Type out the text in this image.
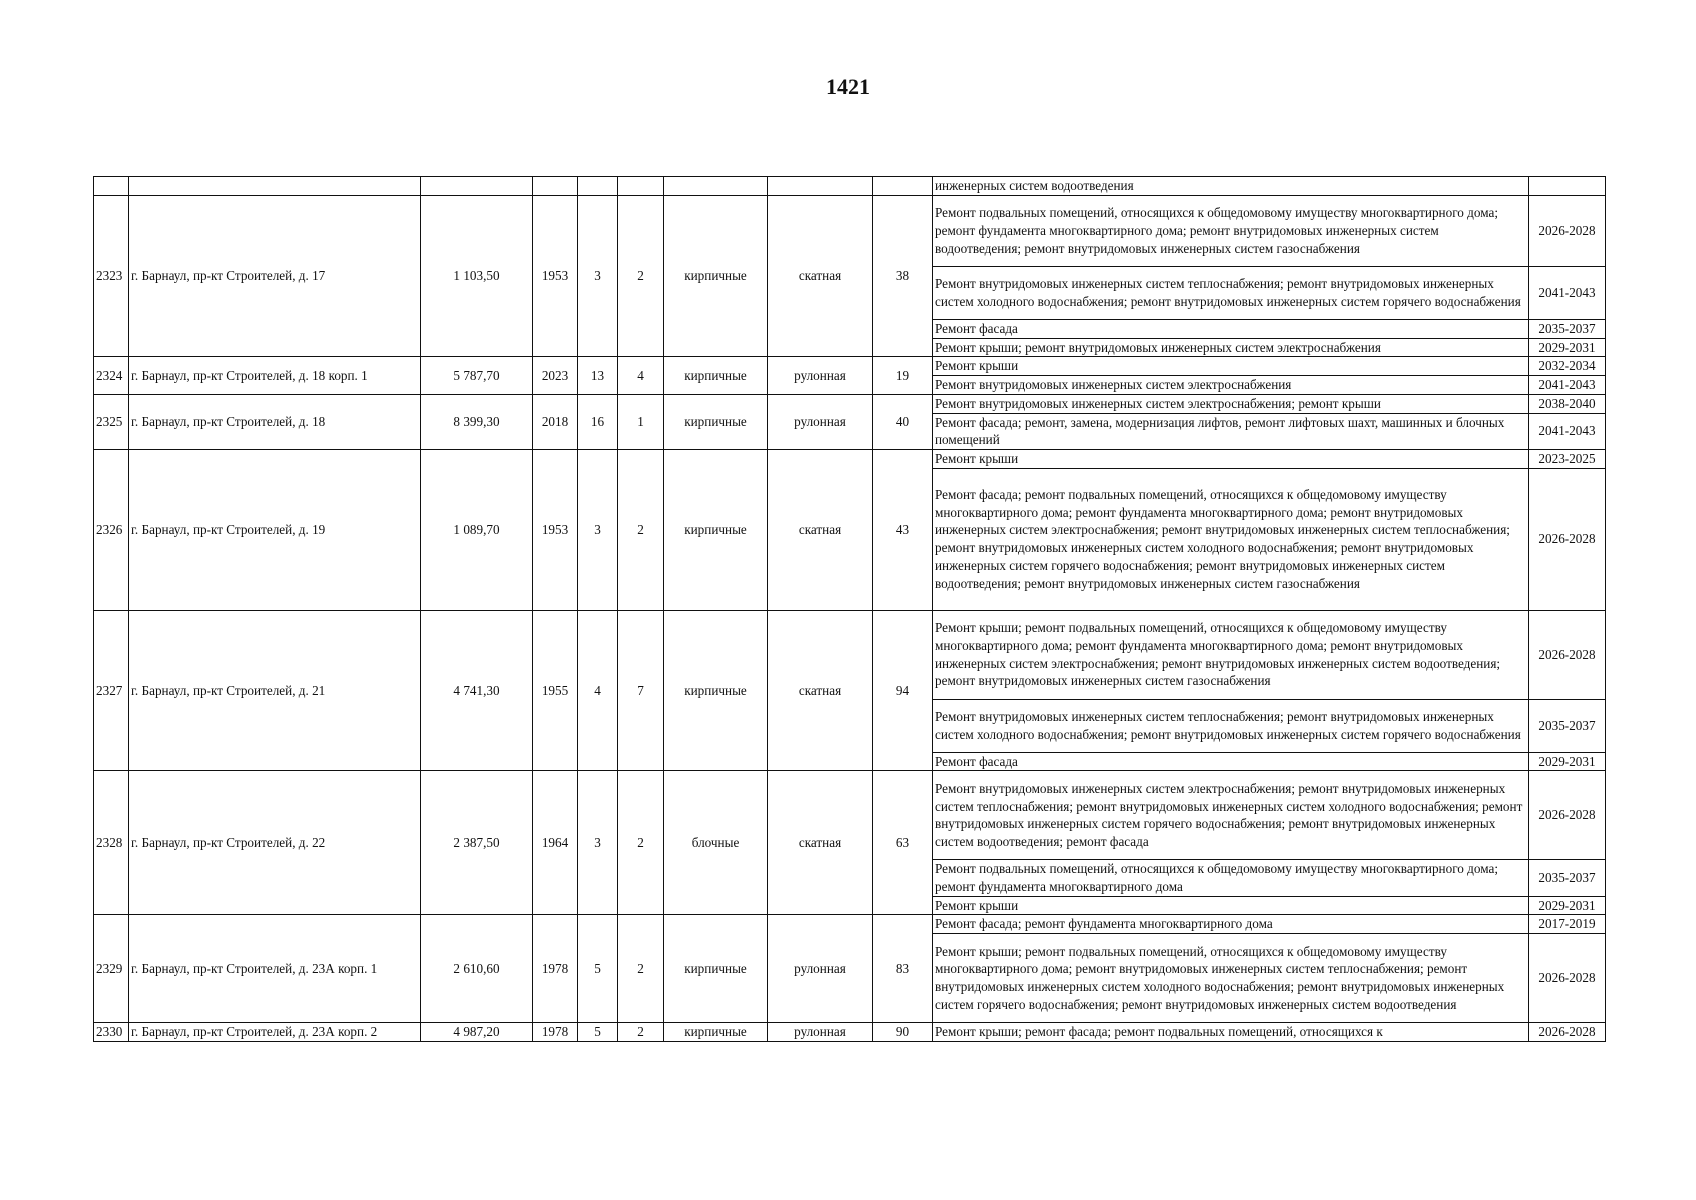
1421
									инженерных систем водоотведения	
2323	г. Барнаул, пр-кт Строителей, д. 17	1 103,50	1953	3	2	кирпичные	скатная	38	Ремонт подвальных помещений, относящихся к общедомовому имуществу многоквартирного дома; ремонт фундамента многоквартирного дома; ремонт внутридомовых инженерных систем водоотведения; ремонт внутридомовых инженерных систем газоснабжения	2026-2028
									Ремонт внутридомовых инженерных систем теплоснабжения; ремонт внутридомовых инженерных систем холодного водоснабжения; ремонт внутридомовых инженерных систем горячего водоснабжения	2041-2043
									Ремонт фасада	2035-2037
									Ремонт крыши; ремонт внутридомовых инженерных систем электроснабжения	2029-2031
2324	г. Барнаул, пр-кт Строителей, д. 18 корп. 1	5 787,70	2023	13	4	кирпичные	рулонная	19	Ремонт крыши	2032-2034
									Ремонт внутридомовых инженерных систем электроснабжения	2041-2043
2325	г. Барнаул, пр-кт Строителей, д. 18	8 399,30	2018	16	1	кирпичные	рулонная	40	Ремонт внутридомовых инженерных систем электроснабжения; ремонт крыши	2038-2040
									Ремонт фасада; ремонт, замена, модернизация лифтов, ремонт лифтовых шахт, машинных и блочных помещений	2041-2043
2326	г. Барнаул, пр-кт Строителей, д. 19	1 089,70	1953	3	2	кирпичные	скатная	43	Ремонт крыши	2023-2025
									Ремонт фасада; ремонт подвальных помещений, относящихся к общедомовому имуществу многоквартирного дома; ремонт фундамента многоквартирного дома; ремонт внутридомовых инженерных систем электроснабжения; ремонт внутридомовых инженерных систем теплоснабжения; ремонт внутридомовых инженерных систем холодного водоснабжения; ремонт внутридомовых инженерных систем горячего водоснабжения; ремонт внутридомовых инженерных систем водоотведения; ремонт внутридомовых инженерных систем газоснабжения	2026-2028
2327	г. Барнаул, пр-кт Строителей, д. 21	4 741,30	1955	4	7	кирпичные	скатная	94	Ремонт крыши; ремонт подвальных помещений, относящихся к общедомовому имуществу многоквартирного дома; ремонт фундамента многоквартирного дома; ремонт внутридомовых инженерных систем электроснабжения; ремонт внутридомовых инженерных систем водоотведения; ремонт внутридомовых инженерных систем газоснабжения	2026-2028
									Ремонт внутридомовых инженерных систем теплоснабжения; ремонт внутридомовых инженерных систем холодного водоснабжения; ремонт внутридомовых инженерных систем горячего водоснабжения	2035-2037
									Ремонт фасада	2029-2031
2328	г. Барнаул, пр-кт Строителей, д. 22	2 387,50	1964	3	2	блочные	скатная	63	Ремонт внутридомовых инженерных систем электроснабжения; ремонт внутридомовых инженерных систем теплоснабжения; ремонт внутридомовых инженерных систем холодного водоснабжения; ремонт внутридомовых инженерных систем горячего водоснабжения; ремонт внутридомовых инженерных систем водоотведения; ремонт фасада	2026-2028
									Ремонт подвальных помещений, относящихся к общедомовому имуществу многоквартирного дома; ремонт фундамента многоквартирного дома	2035-2037
									Ремонт крыши	2029-2031
2329	г. Барнаул, пр-кт Строителей, д. 23А корп. 1	2 610,60	1978	5	2	кирпичные	рулонная	83	Ремонт фасада; ремонт фундамента многоквартирного дома	2017-2019
									Ремонт крыши; ремонт подвальных помещений, относящихся к общедомовому имуществу многоквартирного дома; ремонт внутридомовых инженерных систем теплоснабжения; ремонт внутридомовых инженерных систем холодного водоснабжения; ремонт внутридомовых инженерных систем горячего водоснабжения; ремонт внутридомовых инженерных систем водоотведения	2026-2028
2330	г. Барнаул, пр-кт Строителей, д. 23А корп. 2	4 987,20	1978	5	2	кирпичные	рулонная	90	Ремонт крыши; ремонт фасада; ремонт подвальных помещений, относящихся к	2026-2028
